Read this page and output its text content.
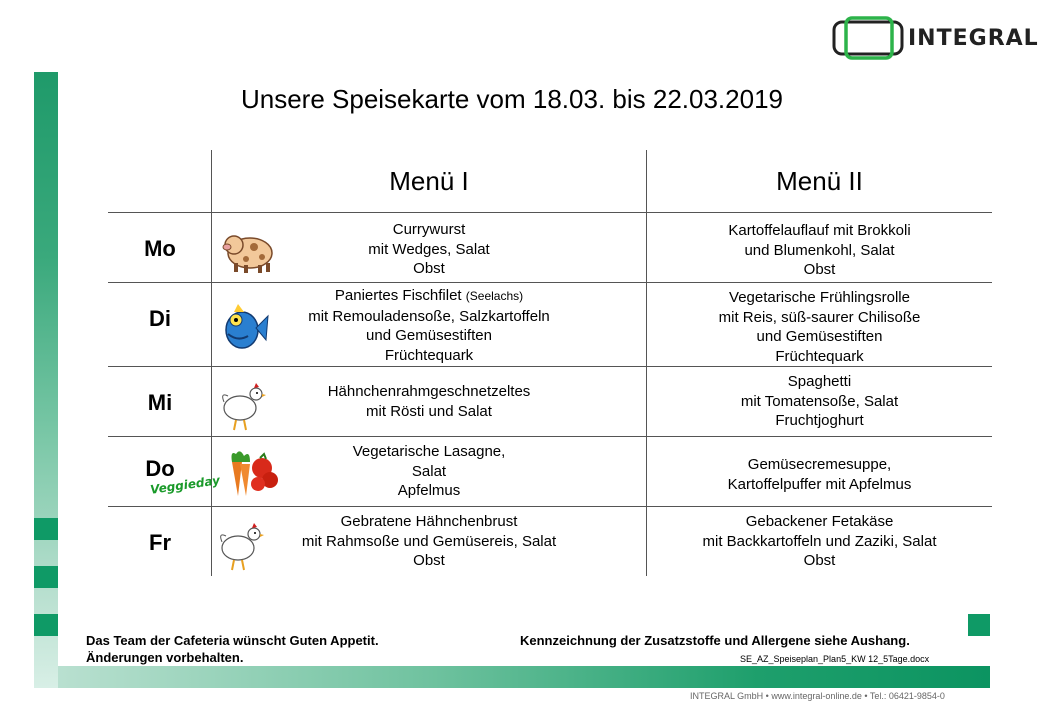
INTEGRAL
Unsere Speisekarte vom 18.03. bis 22.03.2019
Menü I	Menü II
Mo
Currywurst
mit Wedges, Salat
Obst
Kartoffelauflauf mit Brokkoli
und Blumenkohl, Salat
Obst
Di
Paniertes Fischfilet (Seelachs)
mit Remouladensoße, Salzkartoffeln
und Gemüsestiften
Früchtequark
Vegetarische Frühlingsrolle
mit Reis, süß-saurer Chilisoße
und Gemüsestiften
Früchtequark
Mi	Hähnchenrahmgeschnetzeltes
mit Rösti und Salat
Spaghetti
mit Tomatensoße, Salat
Fruchtjoghurt
Do
Veggieday
Vegetarische Lasagne,
Salat
Apfelmus
Gemüsecremesuppe,
Kartoffelpuffer mit Apfelmus
Fr
Gebratene Hähnchenbrust
mit Rahmsoße und Gemüsereis, Salat
Obst
Gebackener Fetakäse
mit Backkartoffeln und Zaziki, Salat
Obst
Das Team der Cafeteria wünscht Guten Appetit.
Änderungen vorbehalten.
Kennzeichnung der Zusatzstoffe und Allergene siehe Aushang.
SE_AZ_Speiseplan_Plan5_KW 12_5Tage.docx
INTEGRAL GmbH • www.integral-online.de • Tel.: 06421-9854-0
